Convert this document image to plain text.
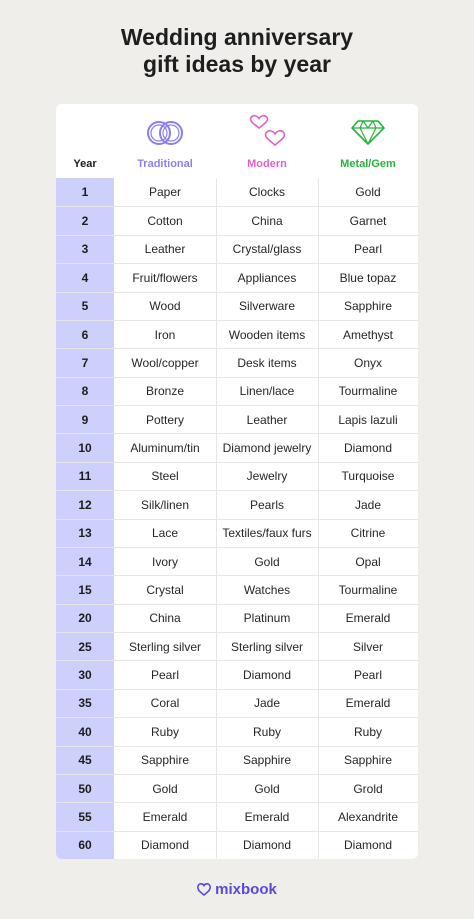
Wedding anniversary
gift ideas by year
Year	Traditional	Modern	Metal/Gem
1	Paper	Clocks	Gold
2	Cotton	China	Garnet
3	Leather	Crystal/glass	Pearl
4	Fruit/flowers	Appliances	Blue topaz
5	Wood	Silverware	Sapphire
6	Iron	Wooden items	Amethyst
7	Wool/copper	Desk items	Onyx
8	Bronze	Linen/lace	Tourmaline
9	Pottery	Leather	Lapis lazuli
10	Aluminum/tin	Diamond jewelry	Diamond
11	Steel	Jewelry	Turquoise
12	Silk/linen	Pearls	Jade
13	Lace	Textiles/faux furs	Citrine
14	Ivory	Gold	Opal
15	Crystal	Watches	Tourmaline
20	China	Platinum	Emerald
25	Sterling silver	Sterling silver	Silver
30	Pearl	Diamond	Pearl
35	Coral	Jade	Emerald
40	Ruby	Ruby	Ruby
45	Sapphire	Sapphire	Sapphire
50	Gold	Gold	Grold
55	Emerald	Emerald	Alexandrite
60	Diamond	Diamond	Diamond
mixbook
